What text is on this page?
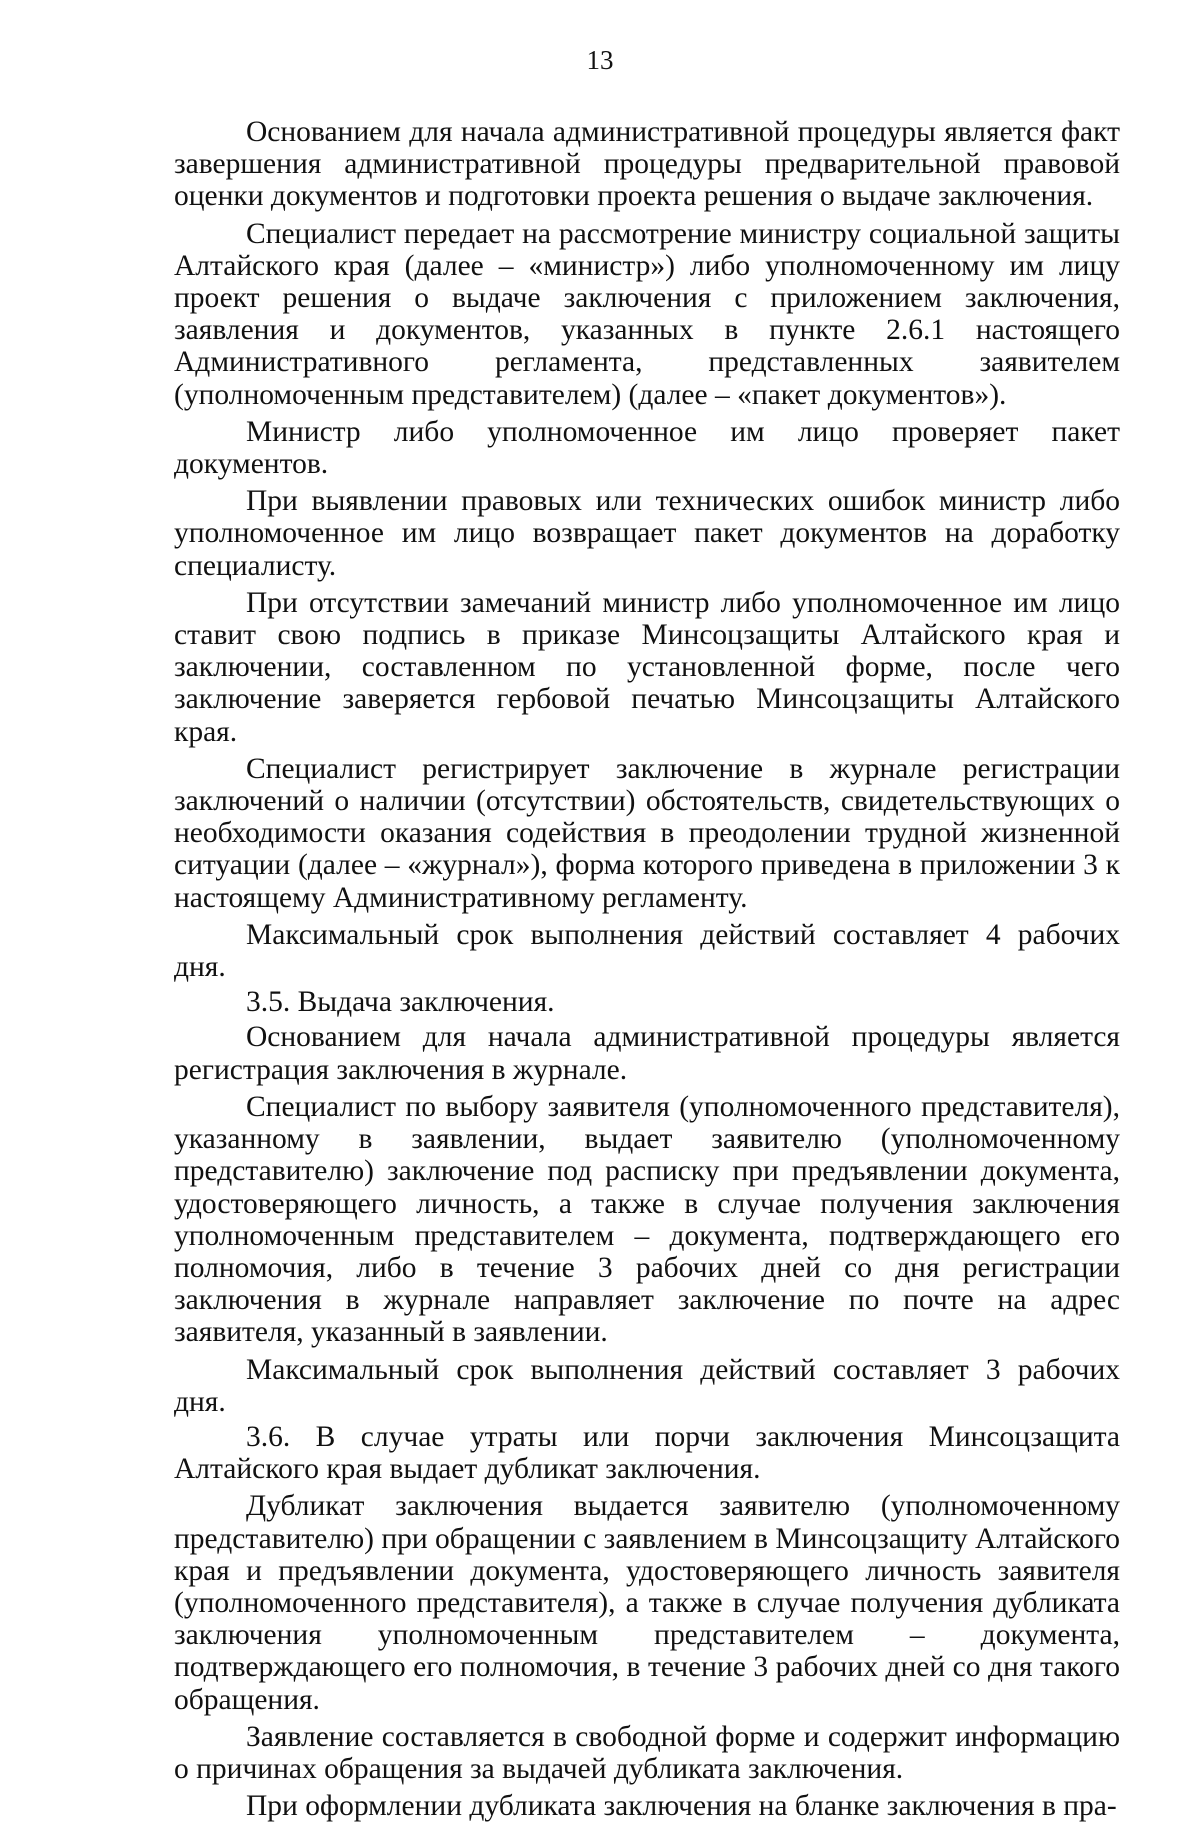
13

Основанием для начала административной процедуры является факт завершения административной процедуры предварительной правовой оценки документов и подготовки проекта решения о выдаче заключения.

Специалист передает на рассмотрение министру социальной защиты Алтайского края (далее – «министр») либо уполномоченному им лицу проект решения о выдаче заключения с приложением заключения, заявления и документов, указанных в пункте 2.6.1 настоящего Административного регламента, представленных заявителем (уполномоченным представителем) (далее – «пакет документов»).

Министр либо уполномоченное им лицо проверяет пакет документов.

При выявлении правовых или технических ошибок министр либо уполномоченное им лицо возвращает пакет документов на доработку специалисту.

При отсутствии замечаний министр либо уполномоченное им лицо ставит свою подпись в приказе Минсоцзащиты Алтайского края и заключении, составленном по установленной форме, после чего заключение заверяется гербовой печатью Минсоцзащиты Алтайского края.

Специалист регистрирует заключение в журнале регистрации заключений о наличии (отсутствии) обстоятельств, свидетельствующих о необходимости оказания содействия в преодолении трудной жизненной ситуации (далее – «журнал»), форма которого приведена в приложении 3 к настоящему Административному регламенту.

Максимальный срок выполнения действий составляет 4 рабочих дня.

3.5. Выдача заключения.

Основанием для начала административной процедуры является регистрация заключения в журнале.

Специалист по выбору заявителя (уполномоченного представителя), указанному в заявлении, выдает заявителю (уполномоченному представителю) заключение под расписку при предъявлении документа, удостоверяющего личность, а также в случае получения заключения уполномоченным представителем – документа, подтверждающего его полномочия, либо в течение 3 рабочих дней со дня регистрации заключения в журнале направляет заключение по почте на адрес заявителя, указанный в заявлении.

Максимальный срок выполнения действий составляет 3 рабочих дня.

3.6. В случае утраты или порчи заключения Минсоцзащита Алтайского края выдает дубликат заключения.

Дубликат заключения выдается заявителю (уполномоченному представителю) при обращении с заявлением в Минсоцзащиту Алтайского края и предъявлении документа, удостоверяющего личность заявителя (уполномоченного представителя), а также в случае получения дубликата заключения уполномоченным представителем – документа, подтверждающего его полномочия, в течение 3 рабочих дней со дня такого обращения.

Заявление составляется в свободной форме и содержит информацию о причинах обращения за выдачей дубликата заключения.

При оформлении дубликата заключения на бланке заключения в пра-
